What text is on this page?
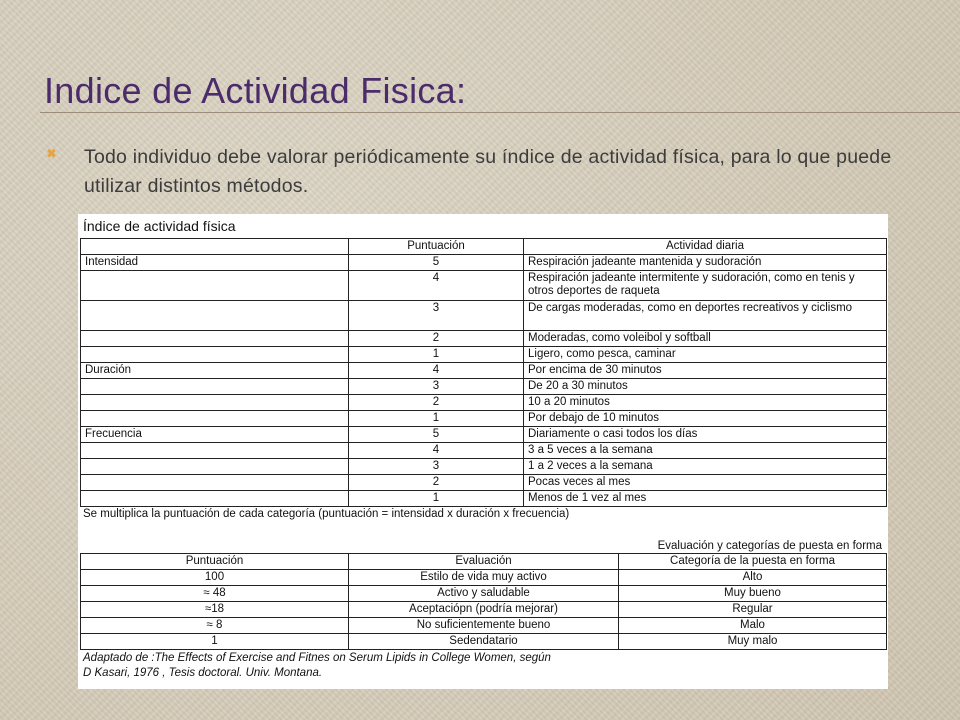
Indice de Actividad Fisica:
✖ Todo individuo debe valorar periódicamente su índice de actividad física, para lo que puede utilizar distintos métodos.

Índice de actividad física
	Puntuación	Actividad diaria
Intensidad	5	Respiración jadeante mantenida y sudoración
	4	Respiración jadeante intermitente y sudoración, como en tenis y otros deportes de raqueta
	3	De cargas moderadas, como en deportes recreativos y ciclismo
	2	Moderadas, como voleibol y softball
	1	Ligero, como pesca, caminar
Duración	4	Por encima de 30 minutos
	3	De 20 a 30 minutos
	2	10 a 20 minutos
	1	Por debajo de 10 minutos
Frecuencia	5	Diariamente o casi todos los días
	4	3 a 5 veces a la semana
	3	1 a 2 veces a la semana
	2	Pocas veces al mes
	1	Menos de 1 vez al mes
Se multiplica la puntuación de cada categoría (puntuación = intensidad x duración x frecuencia)
Evaluación y categorías de puesta en forma
Puntuación	Evaluación	Categoría de la puesta en forma
100	Estilo de vida muy activo	Alto
≈ 48	Activo y saludable	Muy bueno
≈18	Aceptaciópn (podría mejorar)	Regular
≈ 8	No suficientemente bueno	Malo
1	Sedendatario	Muy malo
Adaptado de :The Effects of Exercise and Fitnes on Serum Lipids in College Women, según
D Kasari, 1976 , Tesis doctoral. Univ. Montana.
